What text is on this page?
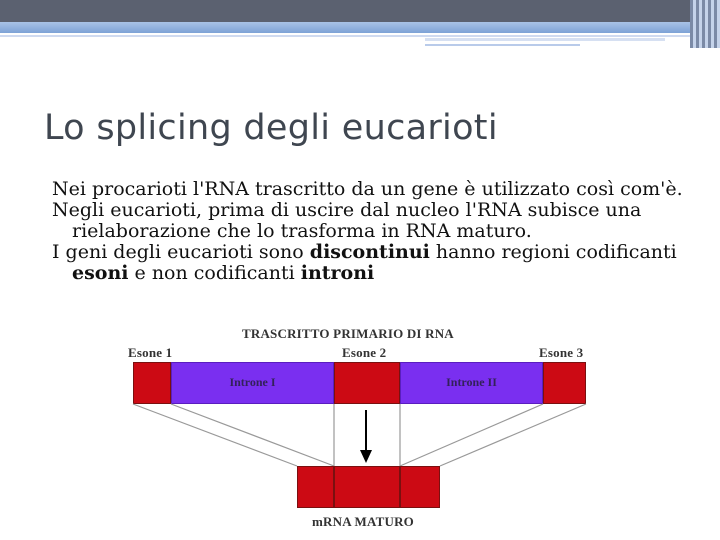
Lo splicing degli eucarioti

Nei procarioti l'RNA trascritto da un gene è utilizzato così com'è.

Negli eucarioti, prima di uscire dal nucleo l'RNA subisce una rielaborazione che lo trasforma in RNA maturo.

I geni degli eucarioti sono discontinui hanno regioni codificanti esoni e non codificanti introni

TRASCRITTO PRIMARIO DI RNA
Esone 1	Esone 2	Esone 3
Introne I	Introne II
mRNA MATURO
